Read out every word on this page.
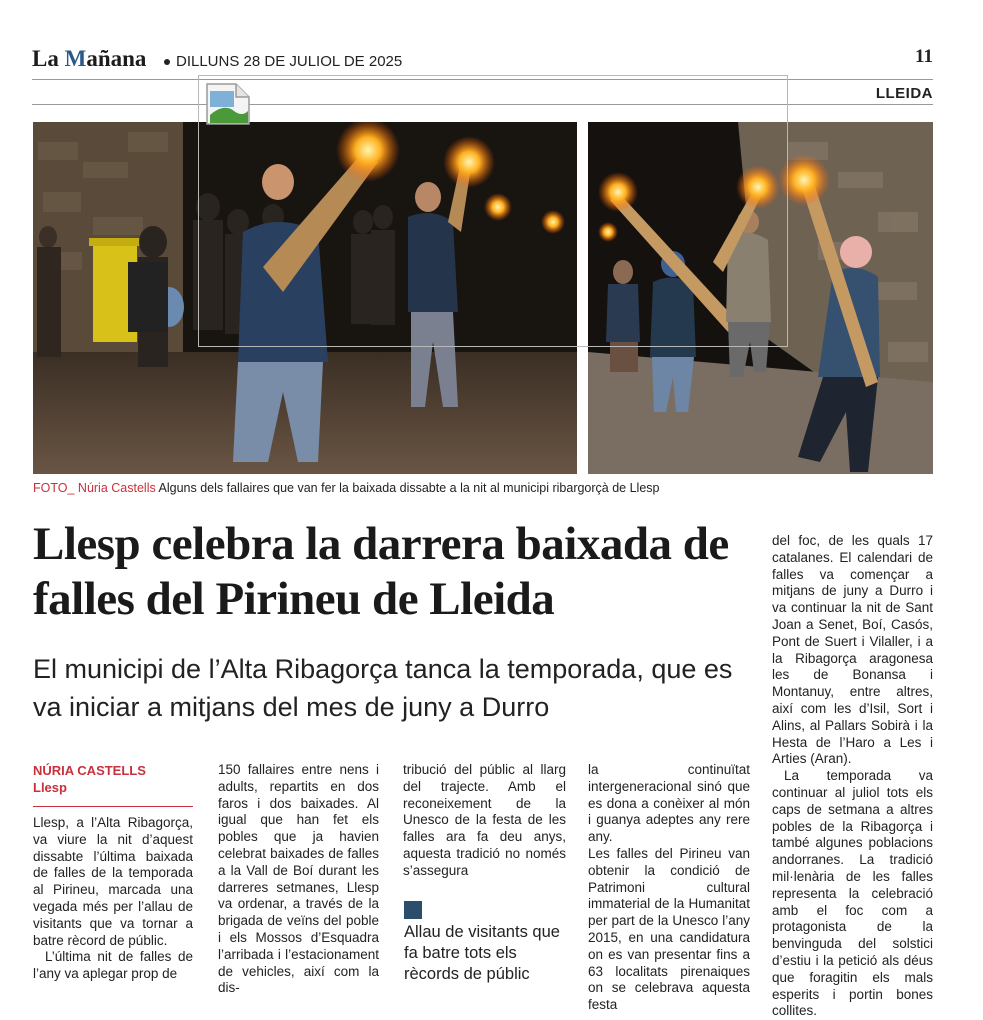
La Mañana DILLUNS 28 DE JULIOL DE 2025	11
LLEIDA
FOTO_ Núria Castells Alguns dels fallaires que van fer la baixada dissabte a la nit al municipi ribargorçà de Llesp
Llesp celebra la darrera baixada de falles del Pirineu de Lleida
El municipi de l’Alta Ribagorça tanca la temporada, que es va iniciar a mitjans del mes de juny a Durro
NÚRIA CASTELLS
Llesp

Llesp, a l’Alta Ribagorça, va viure la nit d’aquest dissabte l’última baixada de falles de la temporada al Pirineu, marcada una vegada més per l’allau de visitants que va tornar a batre rècord de públic.

L’última nit de falles de l’any va aplegar prop de

150 fallaires entre nens i adults, repartits en dos faros i dos baixades. Al igual que han fet els pobles que ja havien celebrat baixades de falles a la Vall de Boí durant les darreres setmanes, Llesp va ordenar, a través de la brigada de veïns del poble i els Mossos d’Esquadra l’arribada i l’estacionament de vehicles, així com la dis-

tribució del públic al llarg del trajecte. Amb el reconeixement de la Unesco de la festa de les falles ara fa deu anys, aquesta tradició no només s’assegura

Allau de visitants que fa batre tots els rècords de públic

la continuïtat intergeneracional sinó que es dona a conèixer al món i guanya adeptes any rere any.

Les falles del Pirineu van obtenir la condició de Patrimoni cultural immaterial de la Humanitat per part de la Unesco l’any 2015, en una candidatura on es van presentar fins a 63 localitats pirenaiques on se celebrava aquesta festa

del foc, de les quals 17 catalanes. El calendari de falles va començar a mitjans de juny a Durro i va continuar la nit de Sant Joan a Senet, Boí, Casós, Pont de Suert i Vilaller, i a la Ribagorça aragonesa les de Bonansa i Montanuy, entre altres, així com les d’Isil, Sort i Alins, al Pallars Sobirà i la Hesta de l’Haro a Les i Arties (Aran).

La temporada va continuar al juliol tots els caps de setmana a altres pobles de la Ribagorça i també algunes poblacions andorranes. La tradició mil·lenària de les falles representa la celebració amb el foc com a protagonista de la benvinguda del solstici d’estiu i la petició als déus que foragitin els mals esperits i portin bones collites.
